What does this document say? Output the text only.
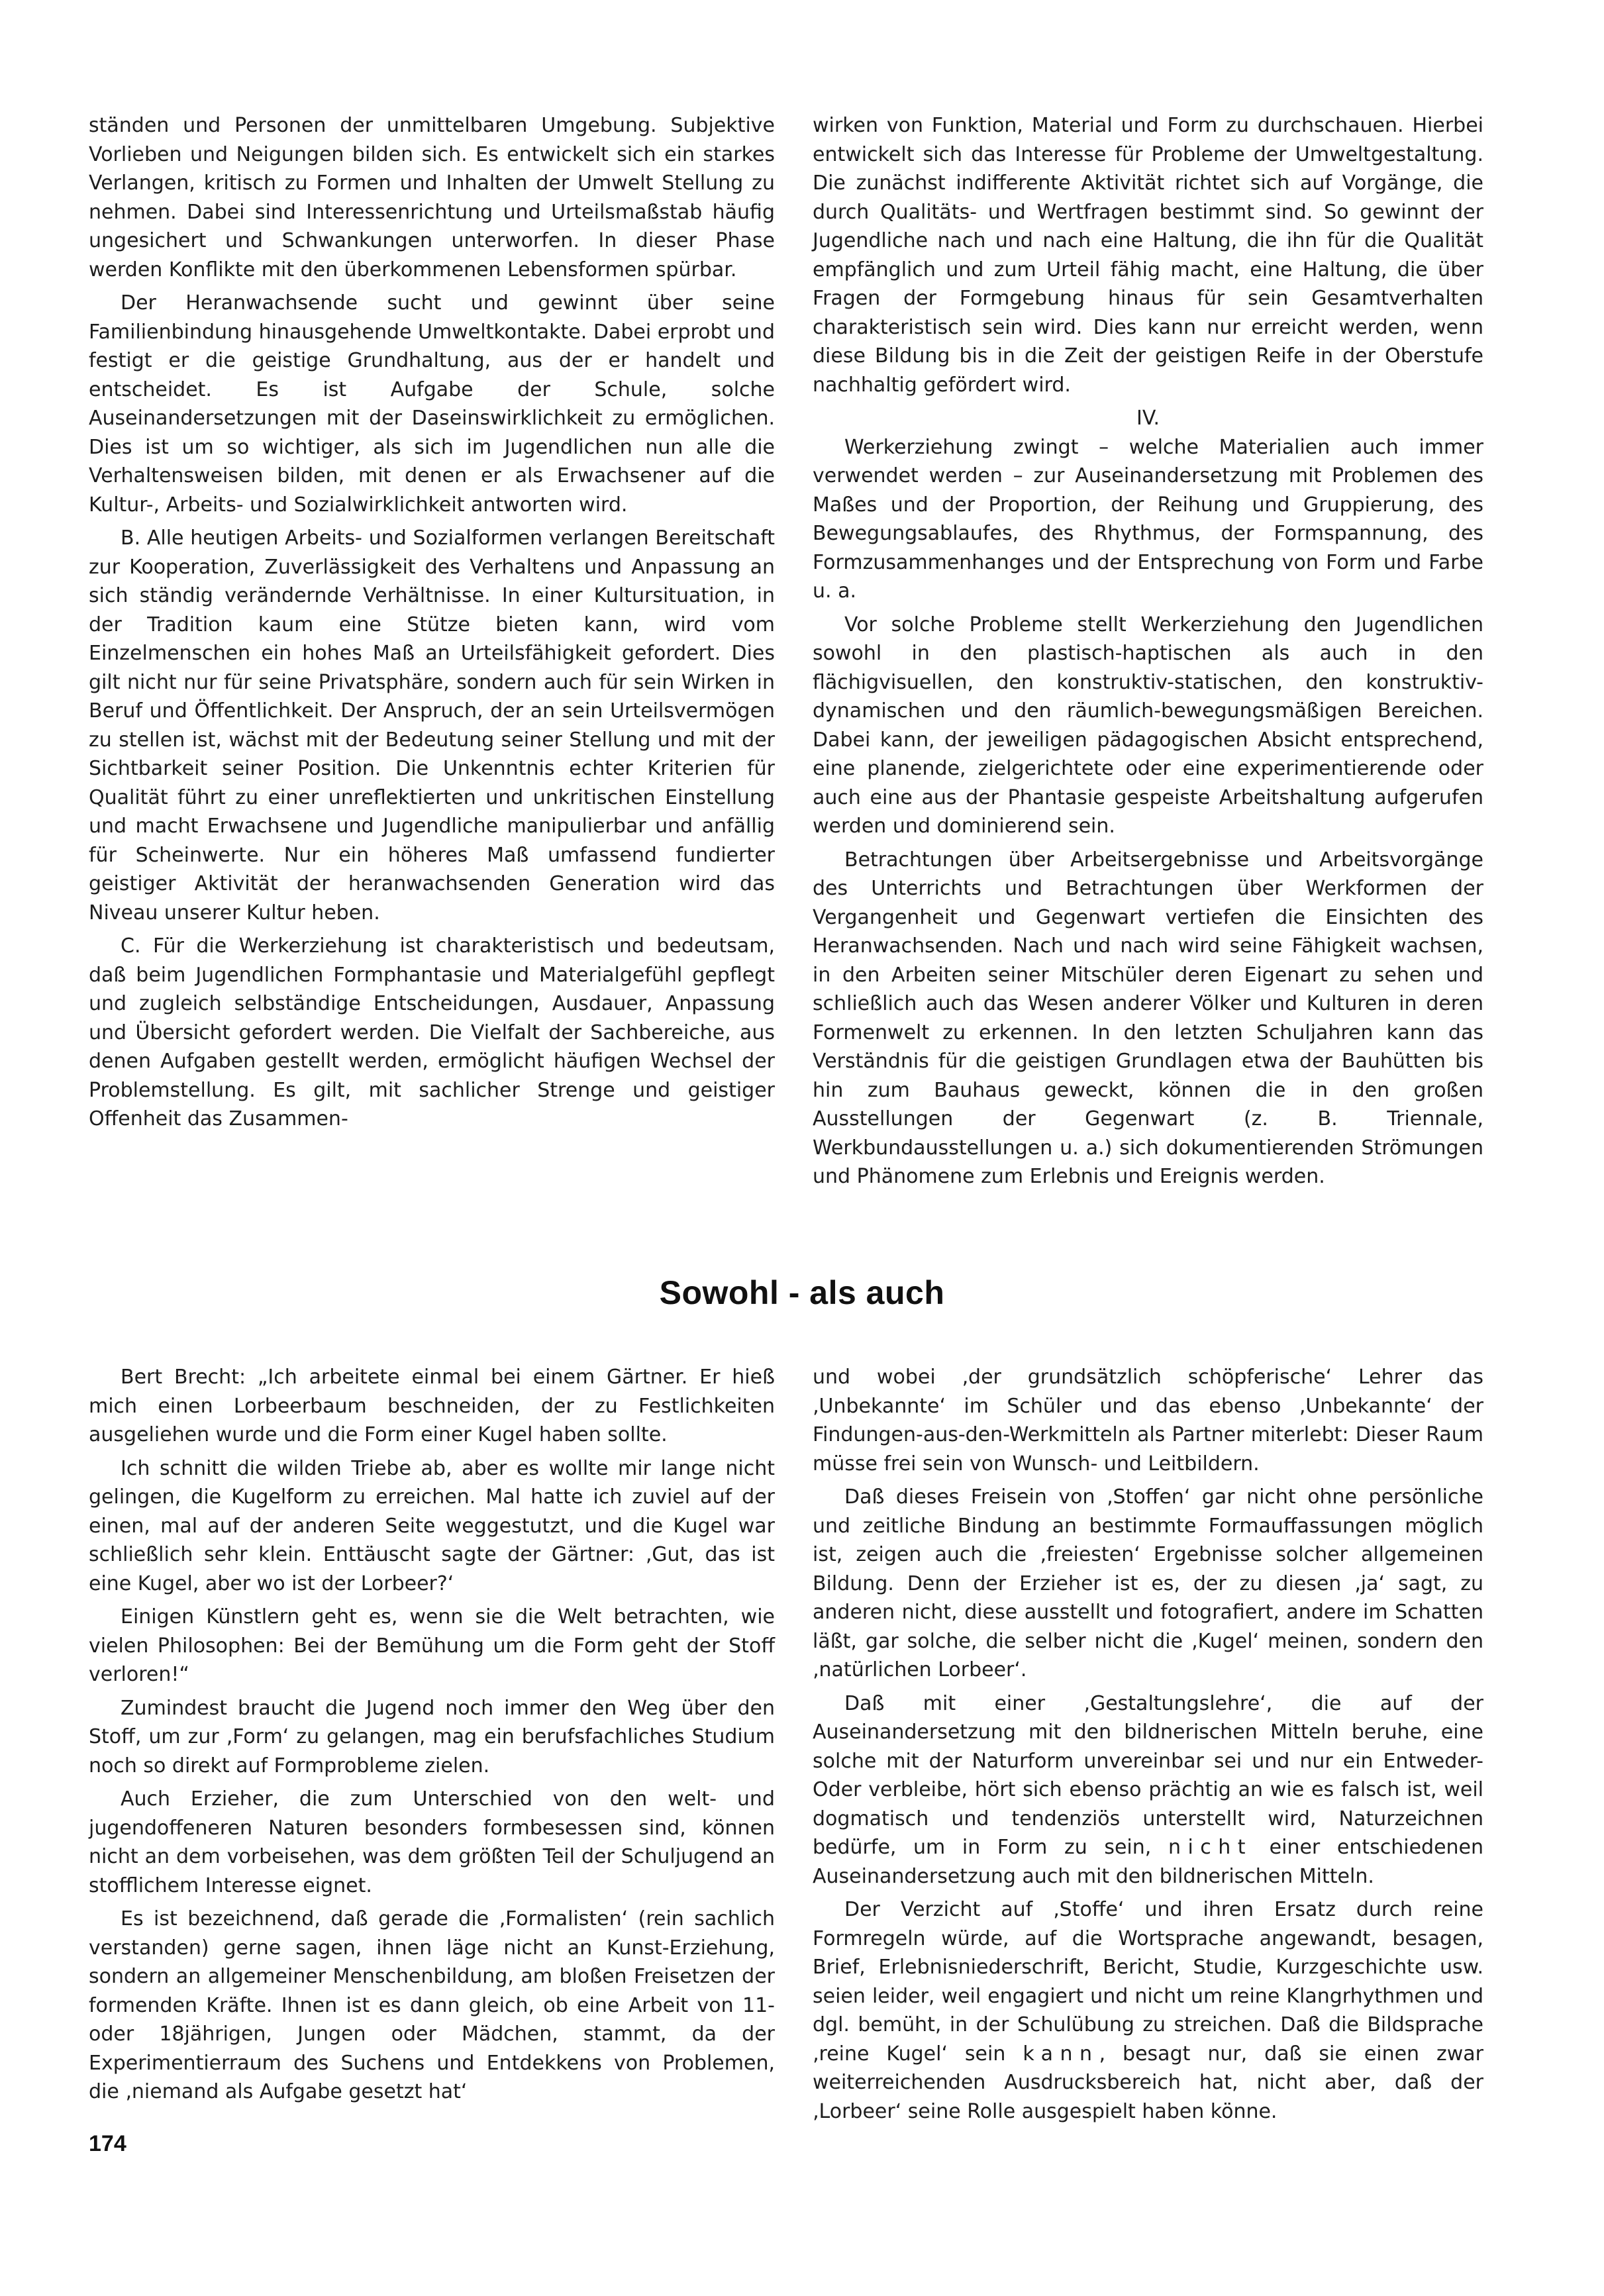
ständen und Personen der unmittelbaren Umgebung. Subjektive Vorlieben und Neigungen bilden sich. Es entwickelt sich ein starkes Verlangen, kritisch zu Formen und Inhalten der Umwelt Stellung zu nehmen. Dabei sind Interessenrichtung und Urteilsmaßstab häufig ungesichert und Schwankungen unterworfen. In dieser Phase werden Konflikte mit den überkommenen Lebensformen spürbar.

Der Heranwachsende sucht und gewinnt über seine Familienbindung hinausgehende Umweltkontakte. Dabei erprobt und festigt er die geistige Grundhaltung, aus der er handelt und entscheidet. Es ist Aufgabe der Schule, solche Auseinandersetzungen mit der Daseinswirklichkeit zu ermöglichen. Dies ist um so wichtiger, als sich im Jugendlichen nun alle die Verhaltensweisen bilden, mit denen er als Erwachsener auf die Kultur-, Arbeits- und Sozialwirklichkeit antworten wird.

B. Alle heutigen Arbeits- und Sozialformen verlangen Bereitschaft zur Kooperation, Zuverlässigkeit des Verhaltens und Anpassung an sich ständig verändernde Verhältnisse. In einer Kultursituation, in der Tradition kaum eine Stütze bieten kann, wird vom Einzelmenschen ein hohes Maß an Urteilsfähigkeit gefordert. Dies gilt nicht nur für seine Privatsphäre, sondern auch für sein Wirken in Beruf und Öffentlichkeit. Der Anspruch, der an sein Urteilsvermögen zu stellen ist, wächst mit der Bedeutung seiner Stellung und mit der Sichtbarkeit seiner Position. Die Unkenntnis echter Kriterien für Qualität führt zu einer unreflektierten und unkritischen Einstellung und macht Erwachsene und Jugendliche manipulierbar und anfällig für Scheinwerte. Nur ein höheres Maß umfassend fundierter geistiger Aktivität der heranwachsenden Generation wird das Niveau unserer Kultur heben.

C. Für die Werkerziehung ist charakteristisch und bedeutsam, daß beim Jugendlichen Formphantasie und Materialgefühl gepflegt und zugleich selbständige Entscheidungen, Ausdauer, Anpassung und Übersicht gefordert werden. Die Vielfalt der Sachbereiche, aus denen Aufgaben gestellt werden, ermöglicht häufigen Wechsel der Problemstellung. Es gilt, mit sachlicher Strenge und geistiger Offenheit das Zusammen-

wirken von Funktion, Material und Form zu durchschauen. Hierbei entwickelt sich das Interesse für Probleme der Umweltgestaltung. Die zunächst indifferente Aktivität richtet sich auf Vorgänge, die durch Qualitäts- und Wertfragen bestimmt sind. So gewinnt der Jugendliche nach und nach eine Haltung, die ihn für die Qualität empfänglich und zum Urteil fähig macht, eine Haltung, die über Fragen der Formgebung hinaus für sein Gesamtverhalten charakteristisch sein wird. Dies kann nur erreicht werden, wenn diese Bildung bis in die Zeit der geistigen Reife in der Oberstufe nachhaltig gefördert wird.

IV.

Werkerziehung zwingt – welche Materialien auch immer verwendet werden – zur Auseinandersetzung mit Problemen des Maßes und der Proportion, der Reihung und Gruppierung, des Bewegungsablaufes, des Rhythmus, der Formspannung, des Formzusammenhanges und der Entsprechung von Form und Farbe u. a.

Vor solche Probleme stellt Werkerziehung den Jugendlichen sowohl in den plastisch-haptischen als auch in den flächigvisuellen, den konstruktiv-statischen, den konstruktiv-dynamischen und den räumlich-bewegungsmäßigen Bereichen. Dabei kann, der jeweiligen pädagogischen Absicht entsprechend, eine planende, zielgerichtete oder eine experimentierende oder auch eine aus der Phantasie gespeiste Arbeitshaltung aufgerufen werden und dominierend sein.

Betrachtungen über Arbeitsergebnisse und Arbeitsvorgänge des Unterrichts und Betrachtungen über Werkformen der Vergangenheit und Gegenwart vertiefen die Einsichten des Heranwachsenden. Nach und nach wird seine Fähigkeit wachsen, in den Arbeiten seiner Mitschüler deren Eigenart zu sehen und schließlich auch das Wesen anderer Völker und Kulturen in deren Formenwelt zu erkennen. In den letzten Schuljahren kann das Verständnis für die geistigen Grundlagen etwa der Bauhütten bis hin zum Bauhaus geweckt, können die in den großen Ausstellungen der Gegenwart (z. B. Triennale, Werkbundausstellungen u. a.) sich dokumentierenden Strömungen und Phänomene zum Erlebnis und Ereignis werden.

Sowohl - als auch

Bert Brecht: „Ich arbeitete einmal bei einem Gärtner. Er hieß mich einen Lorbeerbaum beschneiden, der zu Festlichkeiten ausgeliehen wurde und die Form einer Kugel haben sollte.

Ich schnitt die wilden Triebe ab, aber es wollte mir lange nicht gelingen, die Kugelform zu erreichen. Mal hatte ich zuviel auf der einen, mal auf der anderen Seite weggestutzt, und die Kugel war schließlich sehr klein. Enttäuscht sagte der Gärtner: ‚Gut, das ist eine Kugel, aber wo ist der Lorbeer?‘

Einigen Künstlern geht es, wenn sie die Welt betrachten, wie vielen Philosophen: Bei der Bemühung um die Form geht der Stoff verloren!“

Zumindest braucht die Jugend noch immer den Weg über den Stoff, um zur ‚Form‘ zu gelangen, mag ein berufsfachliches Studium noch so direkt auf Formprobleme zielen.

Auch Erzieher, die zum Unterschied von den welt- und jugendoffeneren Naturen besonders formbesessen sind, können nicht an dem vorbeisehen, was dem größten Teil der Schuljugend an stofflichem Interesse eignet.

Es ist bezeichnend, daß gerade die ‚Formalisten‘ (rein sachlich verstanden) gerne sagen, ihnen läge nicht an Kunst-Erziehung, sondern an allgemeiner Menschenbildung, am bloßen Freisetzen der formenden Kräfte. Ihnen ist es dann gleich, ob eine Arbeit von 11- oder 18jährigen, Jungen oder Mädchen, stammt, da der Experimentierraum des Suchens und Entdekkens von Problemen, die ‚niemand als Aufgabe gesetzt hat‘

und wobei ‚der grundsätzlich schöpferische‘ Lehrer das ‚Unbekannte‘ im Schüler und das ebenso ‚Unbekannte‘ der Findungen-aus-den-Werkmitteln als Partner miterlebt: Dieser Raum müsse frei sein von Wunsch- und Leitbildern.

Daß dieses Freisein von ‚Stoffen‘ gar nicht ohne persönliche und zeitliche Bindung an bestimmte Formauffassungen möglich ist, zeigen auch die ‚freiesten‘ Ergebnisse solcher allgemeinen Bildung. Denn der Erzieher ist es, der zu diesen ‚ja‘ sagt, zu anderen nicht, diese ausstellt und fotografiert, andere im Schatten läßt, gar solche, die selber nicht die ‚Kugel‘ meinen, sondern den ‚natürlichen Lorbeer‘.

Daß mit einer ‚Gestaltungslehre‘, die auf der Auseinandersetzung mit den bildnerischen Mitteln beruhe, eine solche mit der Naturform unvereinbar sei und nur ein Entweder-Oder verbleibe, hört sich ebenso prächtig an wie es falsch ist, weil dogmatisch und tendenziös unterstellt wird, Naturzeichnen bedürfe, um in Form zu sein, nicht einer entschiedenen Auseinandersetzung auch mit den bildnerischen Mitteln.

Der Verzicht auf ‚Stoffe‘ und ihren Ersatz durch reine Formregeln würde, auf die Wortsprache angewandt, besagen, Brief, Erlebnisniederschrift, Bericht, Studie, Kurzgeschichte usw. seien leider, weil engagiert und nicht um reine Klangrhythmen und dgl. bemüht, in der Schulübung zu streichen. Daß die Bildsprache ‚reine Kugel‘ sein kann, besagt nur, daß sie einen zwar weiterreichenden Ausdrucksbereich hat, nicht aber, daß der ‚Lorbeer‘ seine Rolle ausgespielt haben könne.

174
